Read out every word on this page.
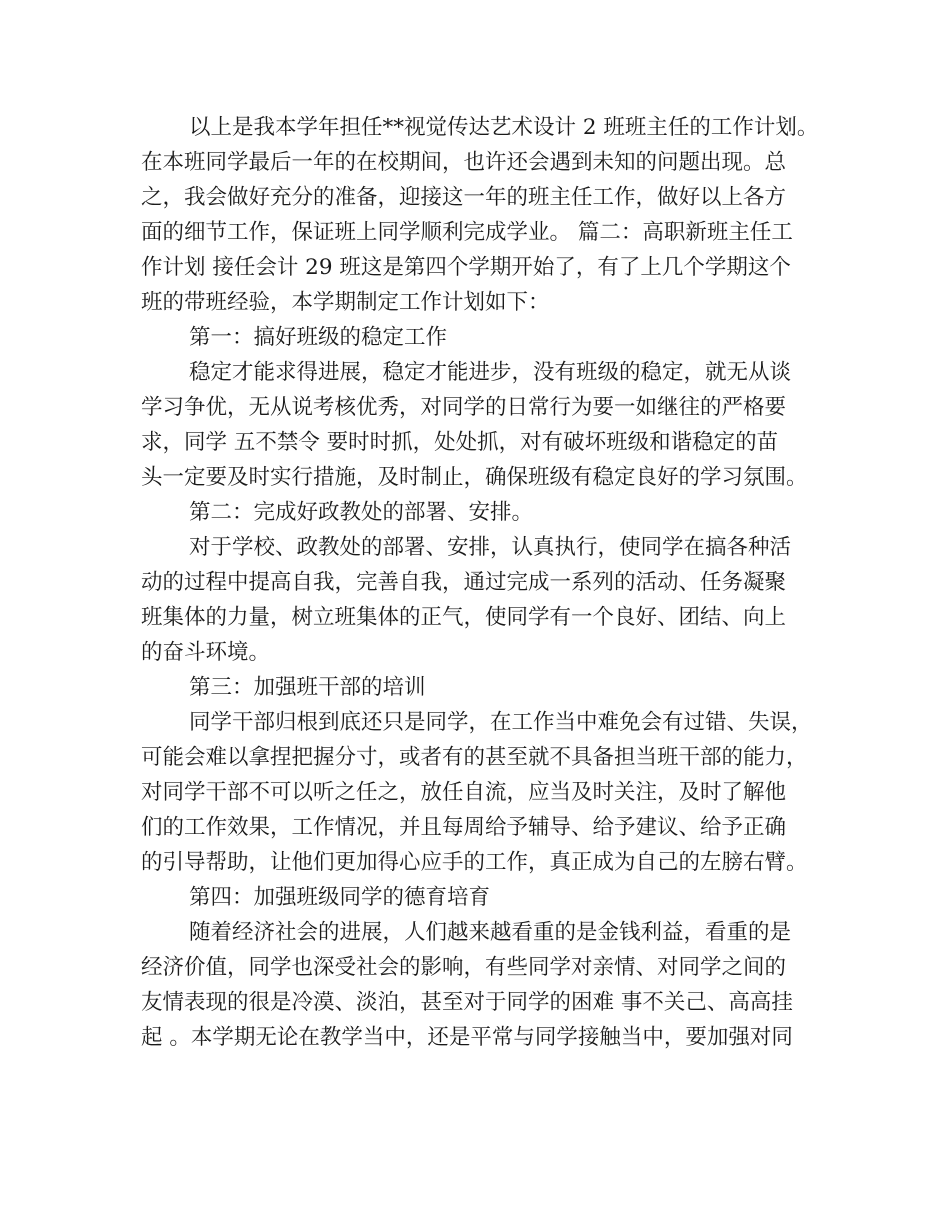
以上是我本学年担任**视觉传达艺术设计 2 班班主任的工作计划。
在本班同学最后一年的在校期间，也许还会遇到未知的问题出现。总
之，我会做好充分的准备，迎接这一年的班主任工作，做好以上各方
面的细节工作，保证班上同学顺利完成学业。 篇二：高职新班主任工
作计划 接任会计 29 班这是第四个学期开始了，有了上几个学期这个
班的带班经验，本学期制定工作计划如下：

第一：搞好班级的稳定工作

稳定才能求得进展，稳定才能进步，没有班级的稳定，就无从谈
学习争优，无从说考核优秀，对同学的日常行为要一如继往的严格要
求，同学 五不禁令 要时时抓，处处抓，对有破坏班级和谐稳定的苗
头一定要及时实行措施，及时制止，确保班级有稳定良好的学习氛围。

第二：完成好政教处的部署、安排。

对于学校、政教处的部署、安排，认真执行，使同学在搞各种活
动的过程中提高自我，完善自我，通过完成一系列的活动、任务凝聚
班集体的力量，树立班集体的正气，使同学有一个良好、团结、向上
的奋斗环境。

第三：加强班干部的培训

同学干部归根到底还只是同学，在工作当中难免会有过错、失误，
可能会难以拿捏把握分寸，或者有的甚至就不具备担当班干部的能力，
对同学干部不可以听之任之，放任自流，应当及时关注，及时了解他
们的工作效果，工作情况，并且每周给予辅导、给予建议、给予正确
的引导帮助，让他们更加得心应手的工作，真正成为自己的左膀右臂。

第四：加强班级同学的德育培育

随着经济社会的进展，人们越来越看重的是金钱利益，看重的是
经济价值，同学也深受社会的影响，有些同学对亲情、对同学之间的
友情表现的很是冷漠、淡泊，甚至对于同学的困难 事不关己、高高挂
起 。本学期无论在教学当中，还是平常与同学接触当中，要加强对同
